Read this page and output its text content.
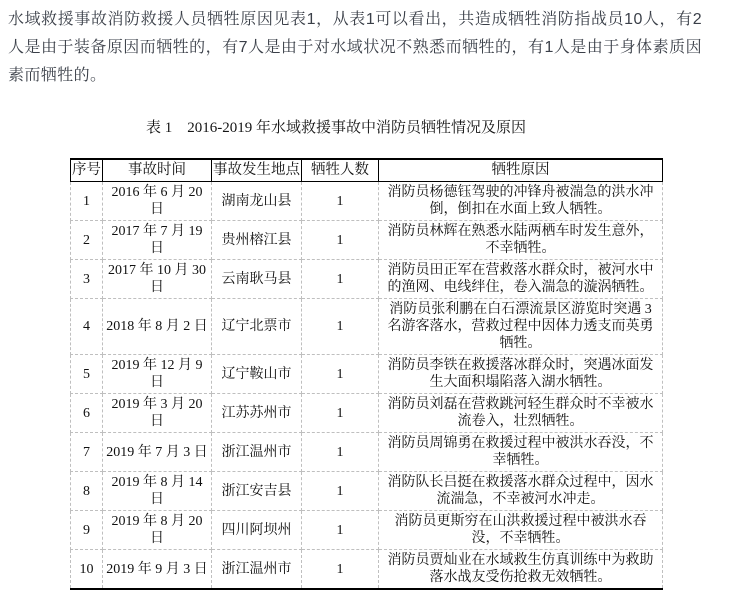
水域救援事故消防救援人员牺牲原因见表1，从表1可以看出，共造成牺牲消防指战员10人，有2人是由于装备原因而牺牲的，有7人是由于对水域状况不熟悉而牺牲的，有1人是由于身体素质因素而牺牲的。
表 1　2016-2019 年水域救援事故中消防员牺牲情况及原因
序号	事故时间	事故发生地点	牺牲人数	牺牲原因
1	2016 年 6 月 20 日	湖南龙山县	1	消防员杨德钰驾驶的冲锋舟被湍急的洪水冲倒，倒扣在水面上致人牺牲。
2	2017 年 7 月 19 日	贵州榕江县	1	消防员林辉在熟悉水陆两栖车时发生意外，不幸牺牲。
3	2017 年 10 月 30 日	云南耿马县	1	消防员田正军在营救落水群众时，被河水中的渔网、电线绊住，卷入湍急的漩涡牺牲。
4	2018 年 8 月 2 日	辽宁北票市	1	消防员张利鹏在白石漂流景区游览时突遇 3 名游客落水，营救过程中因体力透支而英勇牺牲。
5	2019 年 12 月 9 日	辽宁鞍山市	1	消防员李铁在救援落冰群众时，突遇冰面发生大面积塌陷落入湖水牺牲。
6	2019 年 3 月 20 日	江苏苏州市	1	消防员刘磊在营救跳河轻生群众时不幸被水流卷入，壮烈牺牲。
7	2019 年 7 月 3 日	浙江温州市	1	消防员周锦勇在救援过程中被洪水吞没，不幸牺牲。
8	2019 年 8 月 14 日	浙江安吉县	1	消防队长吕挺在救援落水群众过程中，因水流湍急，不幸被河水冲走。
9	2019 年 8 月 20 日	四川阿坝州	1	消防员更斯穷在山洪救援过程中被洪水吞没，不幸牺牲。
10	2019 年 9 月 3 日	浙江温州市	1	消防员贾灿业在水域救生仿真训练中为救助落水战友受伤抢救无效牺牲。
